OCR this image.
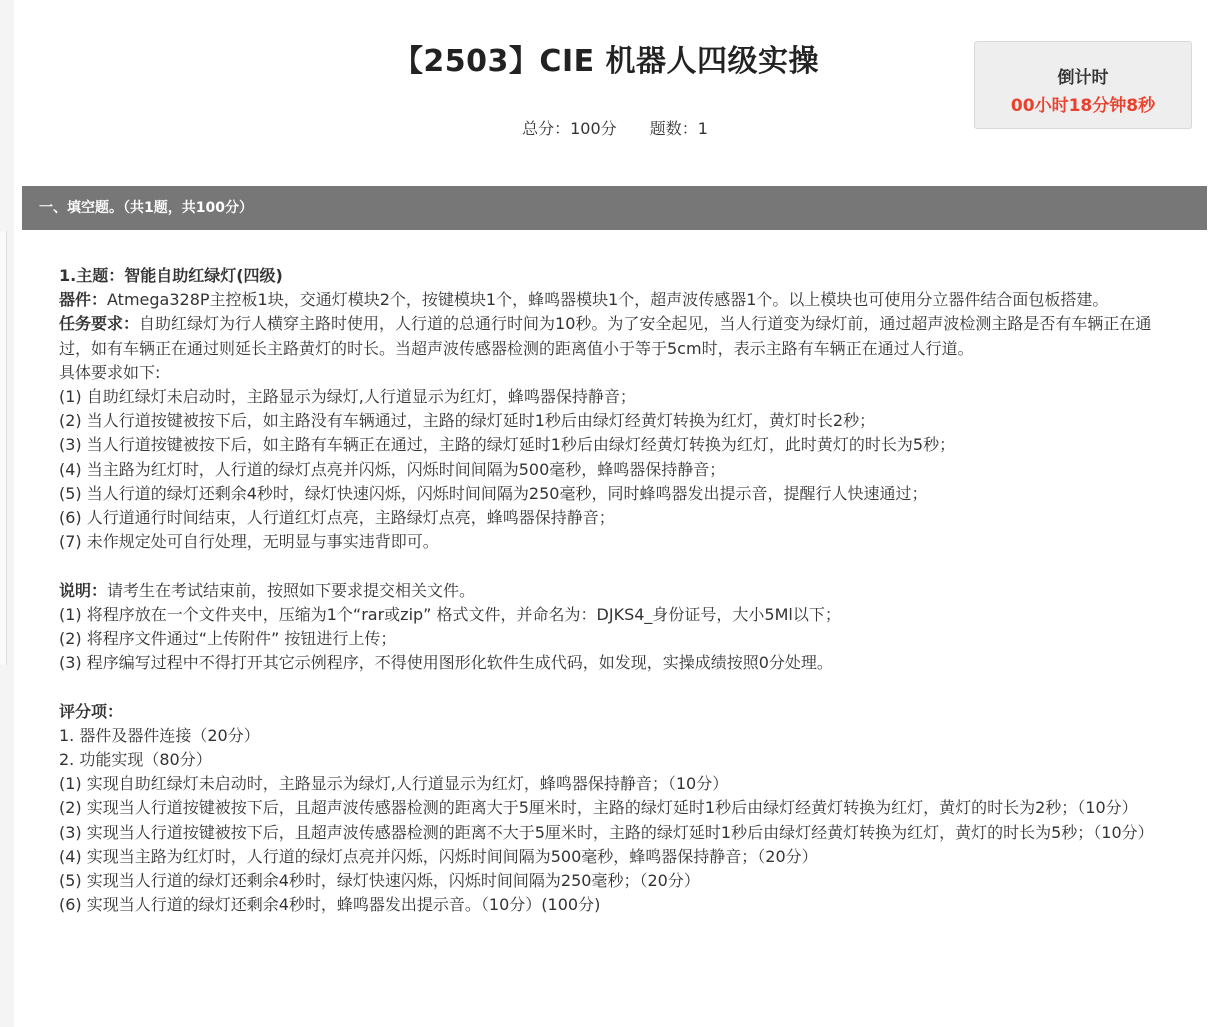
【2503】CIE 机器人四级实操
总分：100分 题数：1
倒计时
00小时18分钟8秒
一、填空题。（共1题，共100分）

1.主题：智能自助红绿灯(四级)

器件：Atmega328P主控板1块，交通灯模块2个，按键模块1个，蜂鸣器模块1个，超声波传感器1个。以上模块也可使用分立器件结合面包板搭建。

任务要求：自助红绿灯为行人横穿主路时使用，人行道的总通行时间为10秒。为了安全起见，当人行道变为绿灯前，通过超声波检测主路是否有车辆正在通过，如有车辆正在通过则延长主路黄灯的时长。当超声波传感器检测的距离值小于等于5cm时，表示主路有车辆正在通过人行道。

具体要求如下:

(1) 自助红绿灯未启动时，主路显示为绿灯,人行道显示为红灯，蜂鸣器保持静音；

(2) 当人行道按键被按下后，如主路没有车辆通过，主路的绿灯延时1秒后由绿灯经黄灯转换为红灯，黄灯时长2秒；

(3) 当人行道按键被按下后，如主路有车辆正在通过，主路的绿灯延时1秒后由绿灯经黄灯转换为红灯，此时黄灯的时长为5秒；

(4) 当主路为红灯时，人行道的绿灯点亮并闪烁，闪烁时间间隔为500毫秒，蜂鸣器保持静音；

(5) 当人行道的绿灯还剩余4秒时，绿灯快速闪烁，闪烁时间间隔为250毫秒，同时蜂鸣器发出提示音，提醒行人快速通过；

(6) 人行道通行时间结束，人行道红灯点亮，主路绿灯点亮，蜂鸣器保持静音；

(7) 未作规定处可自行处理，无明显与事实违背即可。

说明：请考生在考试结束前，按照如下要求提交相关文件。

(1) 将程序放在一个文件夹中，压缩为1个“rar或zip” 格式文件，并命名为：DJKS4_身份证号，大小5Ml以下；

(2) 将程序文件通过“上传附件” 按钮进行上传；

(3) 程序编写过程中不得打开其它示例程序，不得使用图形化软件生成代码，如发现，实操成绩按照0分处理。

评分项：

1. 器件及器件连接（20分）

2. 功能实现（80分）

(1) 实现自助红绿灯未启动时，主路显示为绿灯,人行道显示为红灯，蜂鸣器保持静音；（10分）

(2) 实现当人行道按键被按下后，且超声波传感器检测的距离大于5厘米时，主路的绿灯延时1秒后由绿灯经黄灯转换为红灯，黄灯的时长为2秒；（10分）

(3) 实现当人行道按键被按下后，且超声波传感器检测的距离不大于5厘米时，主路的绿灯延时1秒后由绿灯经黄灯转换为红灯，黄灯的时长为5秒；（10分）

(4) 实现当主路为红灯时，人行道的绿灯点亮并闪烁，闪烁时间间隔为500毫秒，蜂鸣器保持静音；（20分）

(5) 实现当人行道的绿灯还剩余4秒时，绿灯快速闪烁，闪烁时间间隔为250毫秒；（20分）

(6) 实现当人行道的绿灯还剩余4秒时，蜂鸣器发出提示音。（10分）(100分)
